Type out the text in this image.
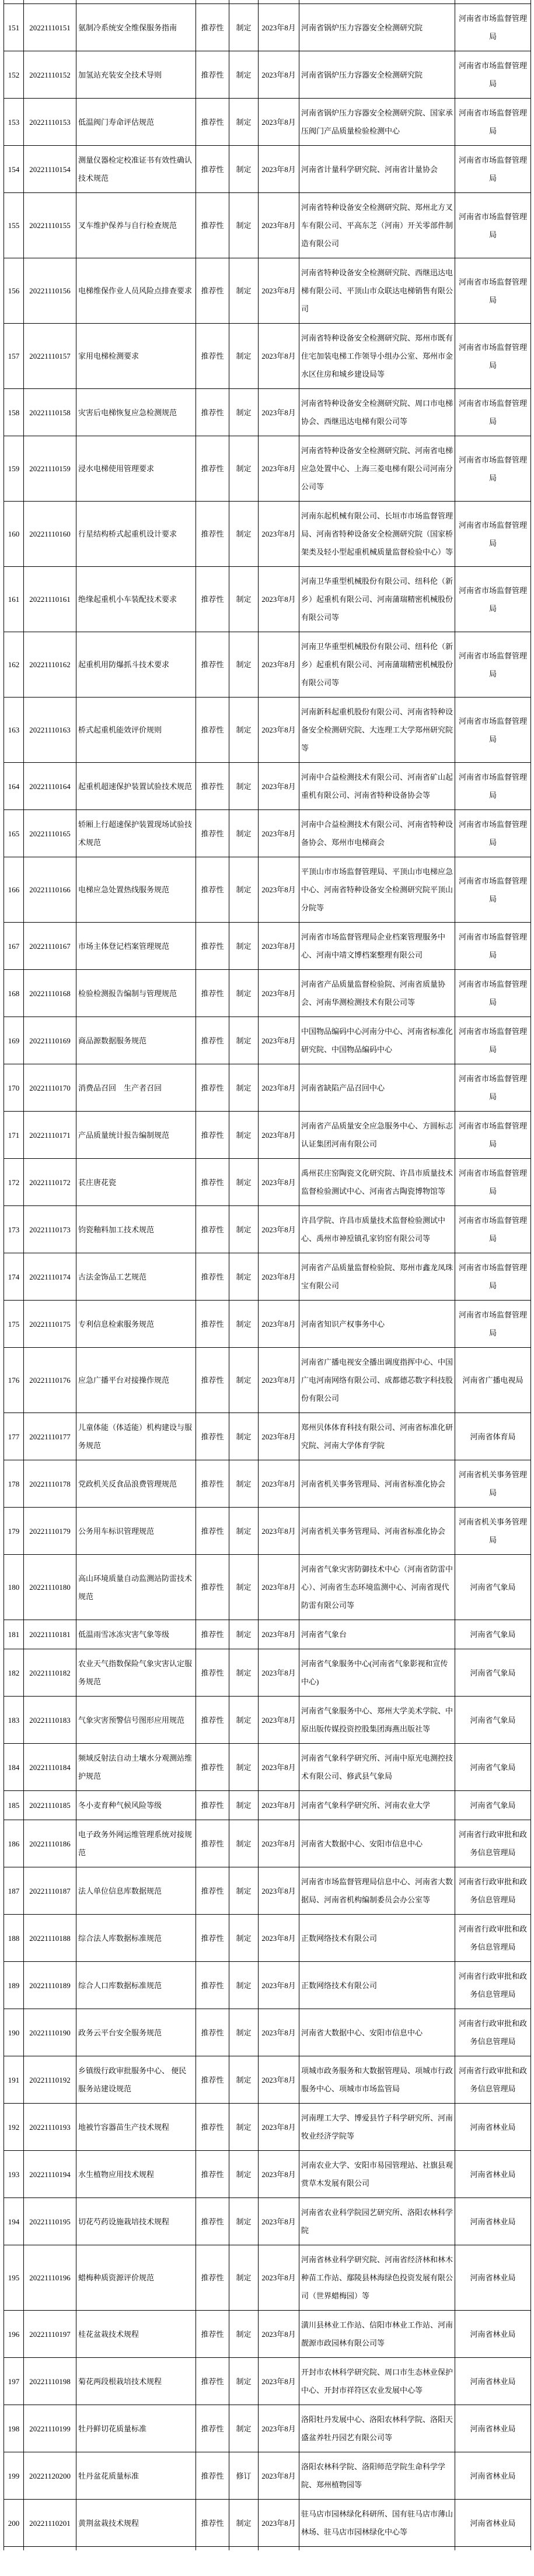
151	20221110151	氨制冷系统安全维保服务指南	推荐性	制定	2023年8月	河南省锅炉压力容器安全检测研究院	河南省市场监督管理局
152	20221110152	加氢站充装安全技术导则	推荐性	制定	2023年8月	河南省锅炉压力容器安全检测研究院	河南省市场监督管理局
153	20221110153	低温阀门寿命评估规范	推荐性	制定	2023年8月	河南省锅炉压力容器安全检测研究院、国家承压阀门产品质量检验检测中心	河南省市场监督管理局
154	20221110154	测量仪器检定校准证书有效性确认技术规范	推荐性	制定	2023年8月	河南省计量科学研究院、河南省计量协会	河南省市场监督管理局
155	20221110155	叉车维护保养与自行检查规范	推荐性	制定	2023年8月	河南省特种设备安全检测研究院、郑州北方叉车有限公司、平高东芝（河南）开关零部件制造有限公司	河南省市场监督管理局
156	20221110156	电梯维保作业人员风险点排查要求	推荐性	制定	2023年8月	河南省特种设备安全检测研究院、西继迅达电梯有限公司、平顶山市众联达电梯销售有限公司	河南省市场监督管理局
157	20221110157	家用电梯检测要求	推荐性	制定	2023年8月	河南省特种设备安全检测研究院、郑州市既有住宅加装电梯工作领导小组办公室、郑州市金水区住房和城乡建设局等	河南省市场监督管理局
158	20221110158	灾害后电梯恢复应急检测规范	推荐性	制定	2023年8月	河南省特种设备安全检测研究院、周口市电梯协会、西继迅达电梯有限公司等	河南省市场监督管理局
159	20221110159	浸水电梯使用管理要求	推荐性	制定	2023年8月	河南省特种设备安全检测研究院、河南省电梯应急处置中心、上海三菱电梯有限公司河南分公司等	河南省市场监督管理局
160	20221110160	行星结构桥式起重机设计要求	推荐性	制定	2023年8月	河南东起机械有限公司、长垣市市场监督管理局、河南省特种设备安全检测研究院（国家桥架类及轻小型起重机械质量监督检验中心）等	河南省市场监督管理局
161	20221110161	绝缘起重机小车装配技术要求	推荐性	制定	2023年8月	河南卫华重型机械股份有限公司、纽科伦（新乡）起重机有限公司、河南蒲瑞精密机械股份有限公司等	河南省市场监督管理局
162	20221110162	起重机用防爆抓斗技术要求	推荐性	制定	2023年8月	河南卫华重型机械股份有限公司、纽科伦（新乡）起重机有限公司、河南蒲瑞精密机械股份有限公司等	河南省市场监督管理局
163	20221110163	桥式起重机能效评价规则	推荐性	制定	2023年8月	河南新科起重机股份有限公司、河南省特种设备安全检测研究院、大连理工大学郑州研究院等	河南省市场监督管理局
164	20221110164	起重机超速保护装置试验技术规范	推荐性	制定	2023年8月	河南中合益检测技术有限公司、河南省矿山起重机有限公司、河南省特种设备协会等	河南省市场监督管理局
165	20221110165	轿厢上行超速保护装置现场试验技术规范	推荐性	制定	2023年8月	河南中合益检测技术有限公司、河南省特种设备协会、郑州市电梯商会	河南省市场监督管理局
166	20221110166	电梯应急处置热线服务规范	推荐性	制定	2023年8月	平顶山市市场监督管理局、平顶山市电梯应急中心、河南省特种设备安全检测研究院平顶山分院等	河南省市场监督管理局
167	20221110167	市场主体登记档案管理规范	推荐性	制定	2023年8月	河南省市场监督管理局企业档案管理服务中心、河南中靖文博档案整理有限公司	河南省市场监督管理局
168	20221110168	检验检测报告编制与管理规范	推荐性	制定	2023年8月	河南省产品质量监督检验院、河南省质量协会、河南华测检测技术有限公司等	河南省市场监督管理局
169	20221110169	商品源数据服务规范	推荐性	制定	2023年8月	中国物品编码中心河南分中心、河南省标准化研究院、中国物品编码中心	河南省市场监督管理局
170	20221110170	消费品召回　生产者召回	推荐性	制定	2023年8月	河南省缺陷产品召回中心	河南省市场监督管理局
171	20221110171	产品质量统计报告编制规范	推荐性	制定	2023年8月	河南省产品质量安全应急服务中心、方圆标志认证集团河南有限公司	河南省市场监督管理局
172	20221110172	苌庄唐花瓷	推荐性	制定	2023年8月	禹州苌庄窑陶瓷文化研究院、许昌市质量技术监督检验测试中心、河南省古陶瓷博物馆等	河南省市场监督管理局
173	20221110173	钧瓷釉料加工技术规范	推荐性	制定	2023年8月	许昌学院、许昌市质量技术监督检验测试中心、禹州市神垕镇孔家钧窑有限公司等	河南省市场监督管理局
174	20221110174	古法金饰品工艺规范	推荐性	制定	2023年8月	河南省产品质量监督检验院、郑州市鑫龙凤珠宝有限公司	河南省市场监督管理局
175	20221110175	专利信息检索服务规范	推荐性	制定	2023年8月	河南省知识产权事务中心	河南省市场监督管理局
176	20221110176	应急广播平台对接操作规范	推荐性	制定	2023年8月	河南省广播电视安全播出调度指挥中心、中国广电河南网络有限公司、成都德芯数字科技股份有限公司	河南省广播电视局
177	20221110177	儿童体能（体适能）机构建设与服务规范	推荐性	制定	2023年8月	郑州贝体体育科技有限公司、河南省标准化研究院、河南大学体育学院	河南省体育局
178	20221110178	党政机关反食品浪费管理规范	推荐性	制定	2023年8月	河南省机关事务管理局、河南省标准化协会	河南省机关事务管理局
179	20221110179	公务用车标识管理规范	推荐性	制定	2023年8月	河南省机关事务管理局、河南省标准化协会	河南省机关事务管理局
180	20221110180	高山环境质量自动监测站防雷技术规范	推荐性	制定	2023年8月	河南省气象灾害防御技术中心（河南省防雷中心）、河南省生态环境监测中心、河南省现代防雷有限公司等	河南省气象局
181	20221110181	低温雨雪冰冻灾害气象等级	推荐性	制定	2023年8月	河南省气象台	河南省气象局
182	20221110182	农业天气指数保险气象灾害认定服务规范	推荐性	制定	2023年8月	河南省气象服务中心(河南省气象影视和宣传中心)	河南省气象局
183	20221110183	气象灾害预警信号图形应用规范	推荐性	制定	2023年8月	河南省气象服务中心、郑州大学美术学院、中原出版传媒投资控股集团海燕出版社等	河南省气象局
184	20221110184	频域反射法自动土壤水分观测站维护规范	推荐性	制定	2023年8月	河南省气象科学研究所、河南中原光电测控技术有限公司、修武县气象局	河南省气象局
185	20221110185	冬小麦育种气候风险等级	推荐性	制定	2023年8月	河南省气象科学研究所、河南农业大学	河南省气象局
186	20221110186	电子政务外网运维管理系统对接规范	推荐性	制定	2023年8月	河南省大数据中心、安阳市信息中心	河南省行政审批和政务信息管理局
187	20221110187	法人单位信息库数据规范	推荐性	制定	2023年8月	河南省市场监督管理局信息中心、河南省大数据局、河南省机构编制委员会办公室等	河南省行政审批和政务信息管理局
188	20221110188	综合法人库数据标准规范	推荐性	制定	2023年8月	正数网络技术有限公司	河南省行政审批和政务信息管理局
189	20221110189	综合人口库数据标准规范	推荐性	制定	2023年8月	正数网络技术有限公司	河南省行政审批和政务信息管理局
190	20221110190	政务云平台安全服务规范	推荐性	制定	2023年8月	河南省大数据中心、安阳市信息中心	河南省行政审批和政务信息管理局
191	20221110192	乡镇级行政审批服务中心、 便民服务站建设规范	推荐性	制定	2023年8月	项城市政务服务和大数据管理局、项城市行政服务中心、项城市市场监管局	河南省行政审批和政务信息管理局
192	20221110193	地被竹容器苗生产技术规程	推荐性	制定	2023年8月	河南理工大学、博爱县竹子科学研究所、河南牧业经济学院等	河南省林业局
193	20221110194	水生植物应用技术规程	推荐性	制定	2023年8月	河南农业大学、安阳市易园管理站、社旗县观赏草木发展有限公司	河南省林业局
194	20221110195	切花芍药设施栽培技术规程	推荐性	制定	2023年8月	河南省农业科学院园艺研究所、洛阳农林科学院	河南省林业局
195	20221110196	蜡梅种质资源评价规范	推荐性	制定	2023年8月	河南省林业科学研究院、河南省经济林和林木种苗工作站、鄢陵县林海绿色投资发展有限公司（世界蜡梅园）等	河南省林业局
196	20221110197	桂花盆栽技术规程	推荐性	制定	2023年8月	潢川县林业工作站、信阳市林业工作站、河南靓源市政园林有限公司等	河南省林业局
197	20221110198	菊花两段根栽培技术规程	推荐性	制定	2023年8月	开封市农林科学研究院、周口市生态林业保护中心、开封市祥符区农业发展中心等	河南省林业局
198	20221110199	牡丹鲜切花质量标准	推荐性	制定	2023年8月	洛阳牡丹发展中心、洛阳农林科学院、洛阳天盛盆养牡丹园艺有限公司等	河南省林业局
199	20221120200	牡丹盆花质量标准	推荐性	修订	2023年8月	洛阳农林科学院、洛阳师范学院生命科学学院、郑州植物园等	河南省林业局
200	20221110201	黄荆盆栽技术规程	推荐性	制定	2023年8月	驻马店市园林绿化科研所、国有驻马店市薄山林场、驻马店市园林绿化中心等	河南省林业局
